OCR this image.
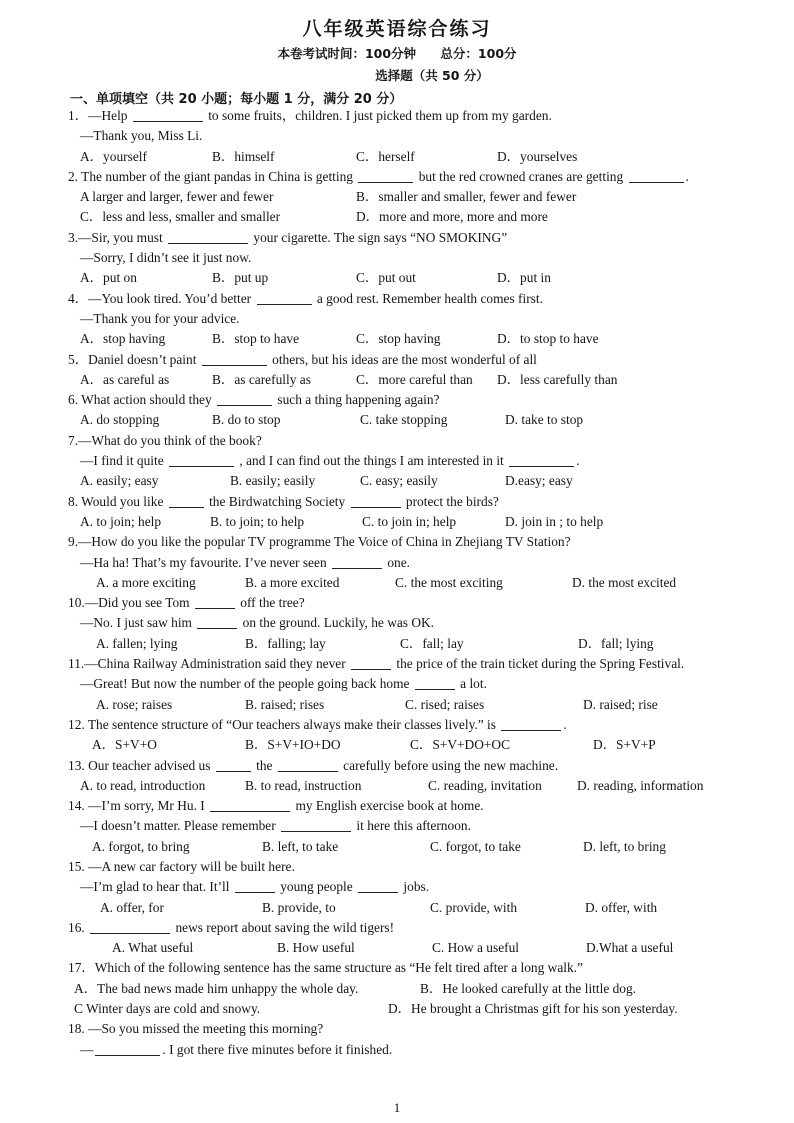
八年级英语综合练习
本卷考试时间：100分钟 总分：100分
选择题（共 50 分）
一、单项填空（共 20 小题；每小题 1 分，满分 20 分）
1．—Help	to some fruits，children. I just picked them up from my garden.
—Thank you, Miss Li.
A．yourself	B．himself	C．herself	D．yourselves
2. The number of the giant pandas in China is getting	but the red crowned cranes are getting	.
A larger and larger, fewer and fewer	B．smaller and smaller, fewer and fewer
C．less and less, smaller and smaller	D．more and more, more and more
3.—Sir, you must	your cigarette. The sign says “NO SMOKING”
—Sorry, I didn’t see it just now.
A．put on	B．put up	C．put out	D．put in
4．—You look tired. You’d better	a good rest. Remember health comes first.
—Thank you for your advice.
A．stop having	B．stop to have	C．stop having	D．to stop to have
5．Daniel doesn’t paint	others, but his ideas are the most wonderful of all
A．as careful as	B．as carefully as	C．more careful than D．less carefully than
6. What action should they	such a thing happening again?
A. do stopping	B. do to stop	C. take stopping	D. take to stop
7.—What do you think of the book?
—I find it quite	, and I can find out the things I am interested in it	.
A. easily; easy	B. easily; easily	C. easy; easily	D.easy; easy
8. Would you like	the Birdwatching Society	protect the birds?
A. to join; help	B. to join; to help	C. to join in; help	D. join in ; to help
9.—How do you like the popular TV programme The Voice of China in Zhejiang TV Station?
—Ha ha! That’s my favourite. I’ve never seen	one.
A. a more exciting	B. a more excited	C. the most exciting	D. the most excited
10.—Did you see Tom	off the tree?
—No. I just saw him	on the ground. Luckily, he was OK.
A. fallen; lying	B．falling; lay	C．fall; lay	D．fall; lying
11.—China Railway Administration said they never	the price of the train ticket during the Spring Festival.
—Great! But now the number of the people going back home	a lot.
A. rose; raises	B. raised; rises	C. rised; raises	D. raised; rise
12. The sentence structure of “Our teachers always make their classes lively.” is	.
A．S+V+O	B．S+V+IO+DO	C．S+V+DO+OC	D．S+V+P
13. Our teacher advised us	the	carefully before using the new machine.
A. to read, introduction	B. to read, instruction	C. reading, invitation	D. reading, information
14. —I’m sorry, Mr Hu. I	my English exercise book at home.
—I doesn’t matter. Please remember	it here this afternoon.
A. forgot, to bring	B. left, to take	C. forgot, to take	D. left, to bring
15. —A new car factory will be built here.
—I’m glad to hear that. It’ll	young people	jobs.
A. offer, for	B. provide, to	C. provide, with	D. offer, with
16.	news report about saving the wild tigers!
A. What useful	B. How useful	C. How a useful	D.What a useful
17．Which of the following sentence has the same structure as “He felt tired after a long walk.”
A．The bad news made him unhappy the whole day.	B．He looked carefully at the little dog.
C Winter days are cold and snowy.	D．He brought a Christmas gift for his son yesterday.
18. —So you missed the meeting this morning?
—	. I got there five minutes before it finished.
1
